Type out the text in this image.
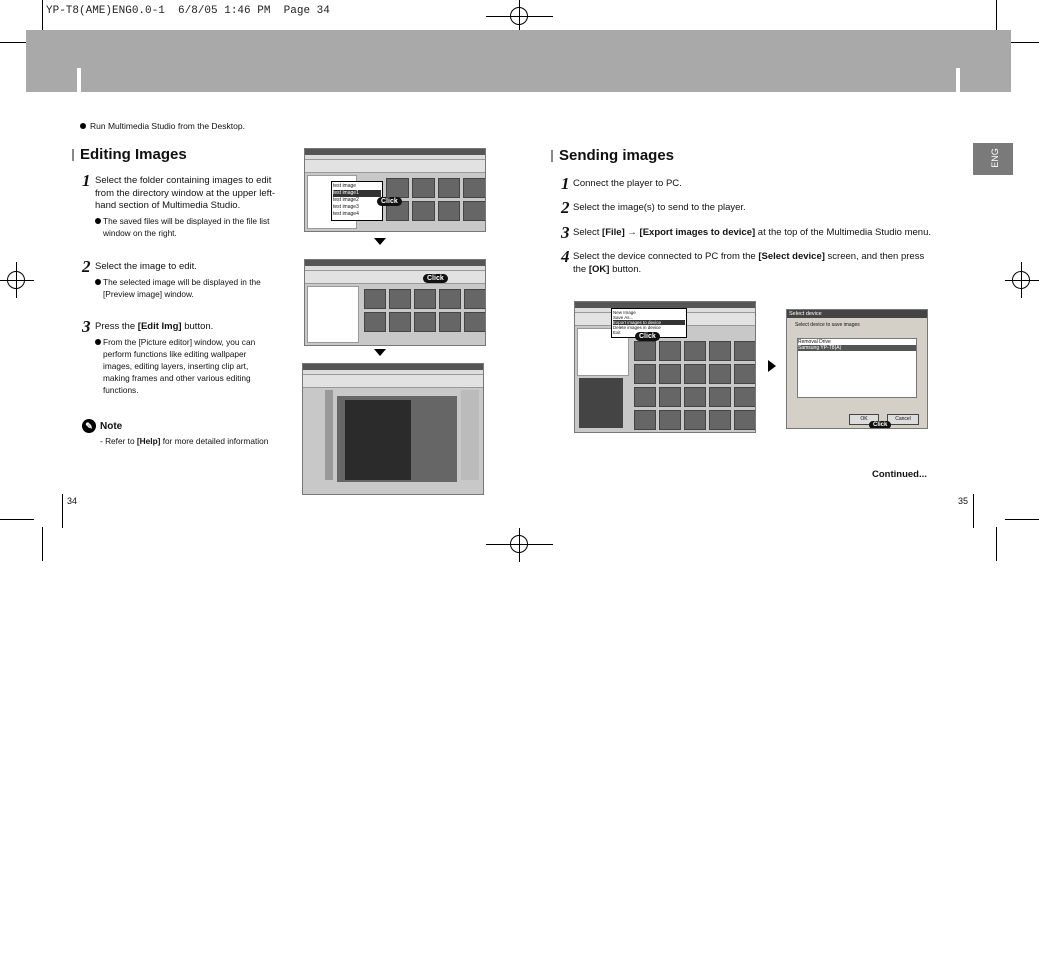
YP-T8(AME)ENG0.0-1  6/8/05 1:46 PM  Page 34
Run Multimedia Studio from the Desktop.
Editing Images
1 Select the folder containing images to edit from the directory window at the upper left-hand section of Multimedia Studio.
The saved files will be displayed in the file list window on the right.
2 Select the image to edit.
The selected image will be displayed in the [Preview image] window.
3 Press the [Edit Img] button.
From the [Picture editor] window, you can perform functions like editing wallpaper images, editing layers, inserting clip art, making frames and other various editing functions.
✎ Note
- Refer to [Help] for more detailed information
34
test image
test image1
test image2
test image3
test image4
Click
Click
ENG
Sending images
1 Connect the player to PC.
2 Select the image(s) to send to the player.
3 Select [File] → [Export images to device] at the top of the Multimedia Studio menu.
4 Select the device connected to PC from the [Select device] screen, and then press the [OK] button.
New Image
Save As...
Export images to device
Delete images in device
Exit
Click
Select device
Select device to save images
Removal Drive
Samsung YP-T8(A)
OK	Cancel
Click
Continued...
35
